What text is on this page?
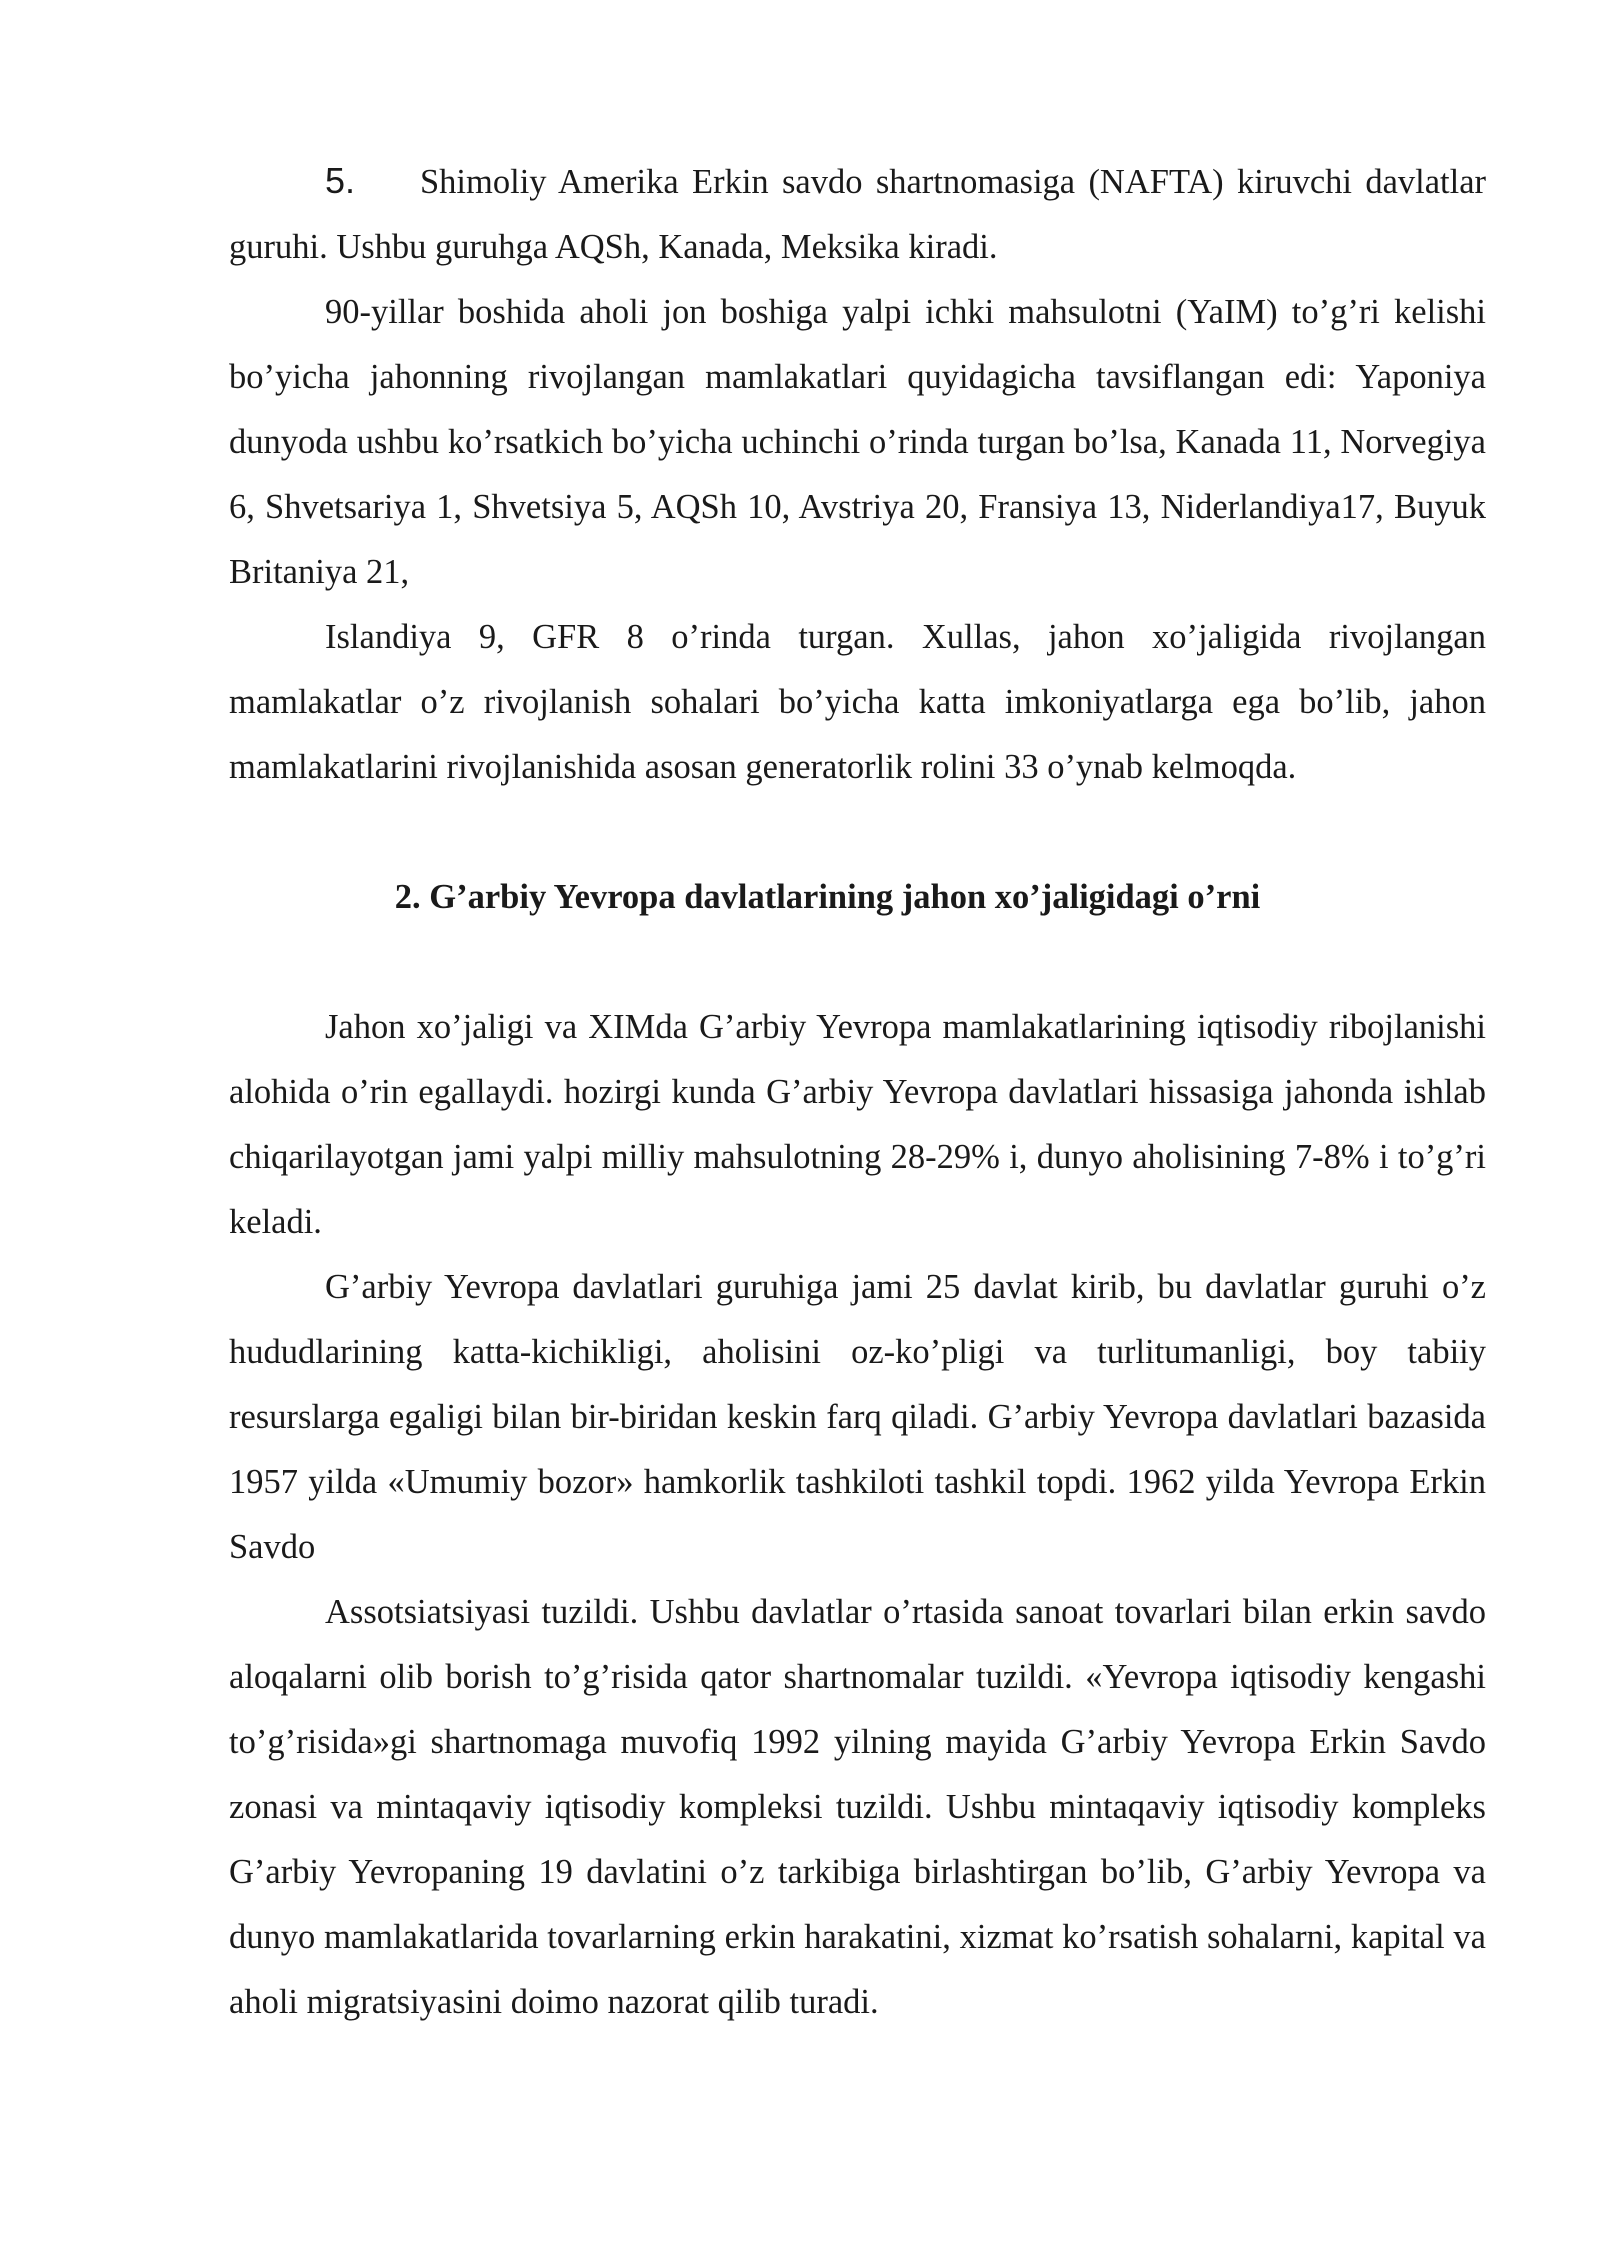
5. Shimoliy Amerika Erkin savdo shartnomasiga (NAFTA) kiruvchi davlatlar guruhi. Ushbu guruhga AQSh, Kanada, Meksika kiradi.

90-yillar boshida aholi jon boshiga yalpi ichki mahsulotni (YaIM) to’g’ri kelishi bo’yicha jahonning rivojlangan mamlakatlari quyidagicha tavsiflangan edi: Yaponiya dunyoda ushbu ko’rsatkich bo’yicha uchinchi o’rinda turgan bo’lsa, Kanada 11, Norvegiya 6, Shvetsariya 1, Shvetsiya 5, AQSh 10, Avstriya 20, Fransiya 13, Niderlandiya17, Buyuk Britaniya 21,

Islandiya 9, GFR 8 o’rinda turgan. Xullas, jahon xo’jaligida rivojlangan mamlakatlar o’z rivojlanish sohalari bo’yicha katta imkoniyatlarga ega bo’lib, jahon mamlakatlarini rivojlanishida asosan generatorlik rolini 33 o’ynab kelmoqda.

2. G’arbiy Yevropa davlatlarining jahon xo’jaligidagi o’rni

Jahon xo’jaligi va XIMda G’arbiy Yevropa mamlakatlarining iqtisodiy ribojlanishi alohida o’rin egallaydi. hozirgi kunda G’arbiy Yevropa davlatlari hissasiga jahonda ishlab chiqarilayotgan jami yalpi milliy mahsulotning 28-29% i, dunyo aholisining 7-8% i to’g’ri keladi.

G’arbiy Yevropa davlatlari guruhiga jami 25 davlat kirib, bu davlatlar guruhi o’z hududlarining katta-kichikligi, aholisini oz-ko’pligi va turlitumanligi, boy tabiiy resurslarga egaligi bilan bir-biridan keskin farq qiladi. G’arbiy Yevropa davlatlari bazasida 1957 yilda «Umumiy bozor» hamkorlik tashkiloti tashkil topdi. 1962 yilda Yevropa Erkin Savdo

Assotsiatsiyasi tuzildi. Ushbu davlatlar o’rtasida sanoat tovarlari bilan erkin savdo aloqalarni olib borish to’g’risida qator shartnomalar tuzildi. «Yevropa iqtisodiy kengashi to’g’risida»gi shartnomaga muvofiq 1992 yilning mayida G’arbiy Yevropa Erkin Savdo zonasi va mintaqaviy iqtisodiy kompleksi tuzildi. Ushbu mintaqaviy iqtisodiy kompleks G’arbiy Yevropaning 19 davlatini o’z tarkibiga birlashtirgan bo’lib, G’arbiy Yevropa va dunyo mamlakatlarida tovarlarning erkin harakatini, xizmat ko’rsatish sohalarni, kapital va aholi migratsiyasini doimo nazorat qilib turadi.
